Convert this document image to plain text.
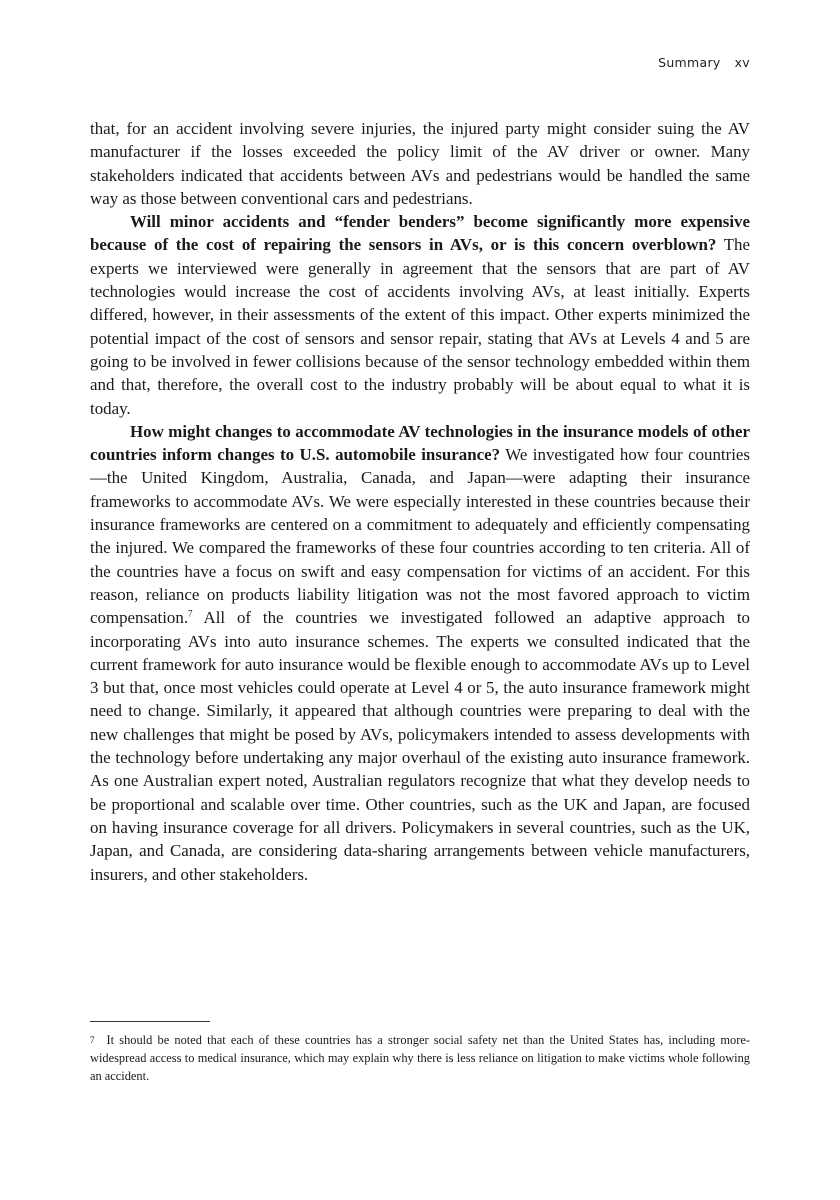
Summary xv

that, for an accident involving severe injuries, the injured party might consider suing the AV manufacturer if the losses exceeded the policy limit of the AV driver or owner. Many stakeholders indicated that accidents between AVs and pedestrians would be handled the same way as those between conventional cars and pedestrians.

Will minor accidents and “fender benders” become significantly more expensive because of the cost of repairing the sensors in AVs, or is this concern overblown? The experts we interviewed were generally in agreement that the sensors that are part of AV technologies would increase the cost of accidents involving AVs, at least initially. Experts differed, however, in their assessments of the extent of this impact. Other experts minimized the potential impact of the cost of sensors and sensor repair, stating that AVs at Levels 4 and 5 are going to be involved in fewer collisions because of the sensor technology embedded within them and that, therefore, the overall cost to the industry probably will be about equal to what it is today.

How might changes to accommodate AV technologies in the insurance models of other countries inform changes to U.S. automobile insurance? We investigated how four countries—the United Kingdom, Australia, Canada, and Japan—were adapting their insurance frameworks to accommodate AVs. We were especially interested in these countries because their insurance frameworks are centered on a commitment to adequately and efficiently compensating the injured. We compared the frameworks of these four countries according to ten criteria. All of the countries have a focus on swift and easy compensation for victims of an accident. For this reason, reliance on products liability litigation was not the most favored approach to victim compensation.$^7$ All of the countries we investigated followed an adaptive approach to incorporating AVs into auto insurance schemes. The experts we consulted indicated that the current framework for auto insurance would be flexible enough to accommodate AVs up to Level 3 but that, once most vehicles could operate at Level 4 or 5, the auto insurance framework might need to change. Similarly, it appeared that although countries were preparing to deal with the new challenges that might be posed by AVs, policymakers intended to assess developments with the technology before undertaking any major overhaul of the existing auto insurance framework. As one Australian expert noted, Australian regulators recognize that what they develop needs to be proportional and scalable over time. Other countries, such as the UK and Japan, are focused on having insurance coverage for all drivers. Policymakers in several countries, such as the UK, Japan, and Canada, are considering data-sharing arrangements between vehicle manufacturers, insurers, and other stakeholders.

$^7$ It should be noted that each of these countries has a stronger social safety net than the United States has, including more-widespread access to medical insurance, which may explain why there is less reliance on litigation to make victims whole following an accident.
